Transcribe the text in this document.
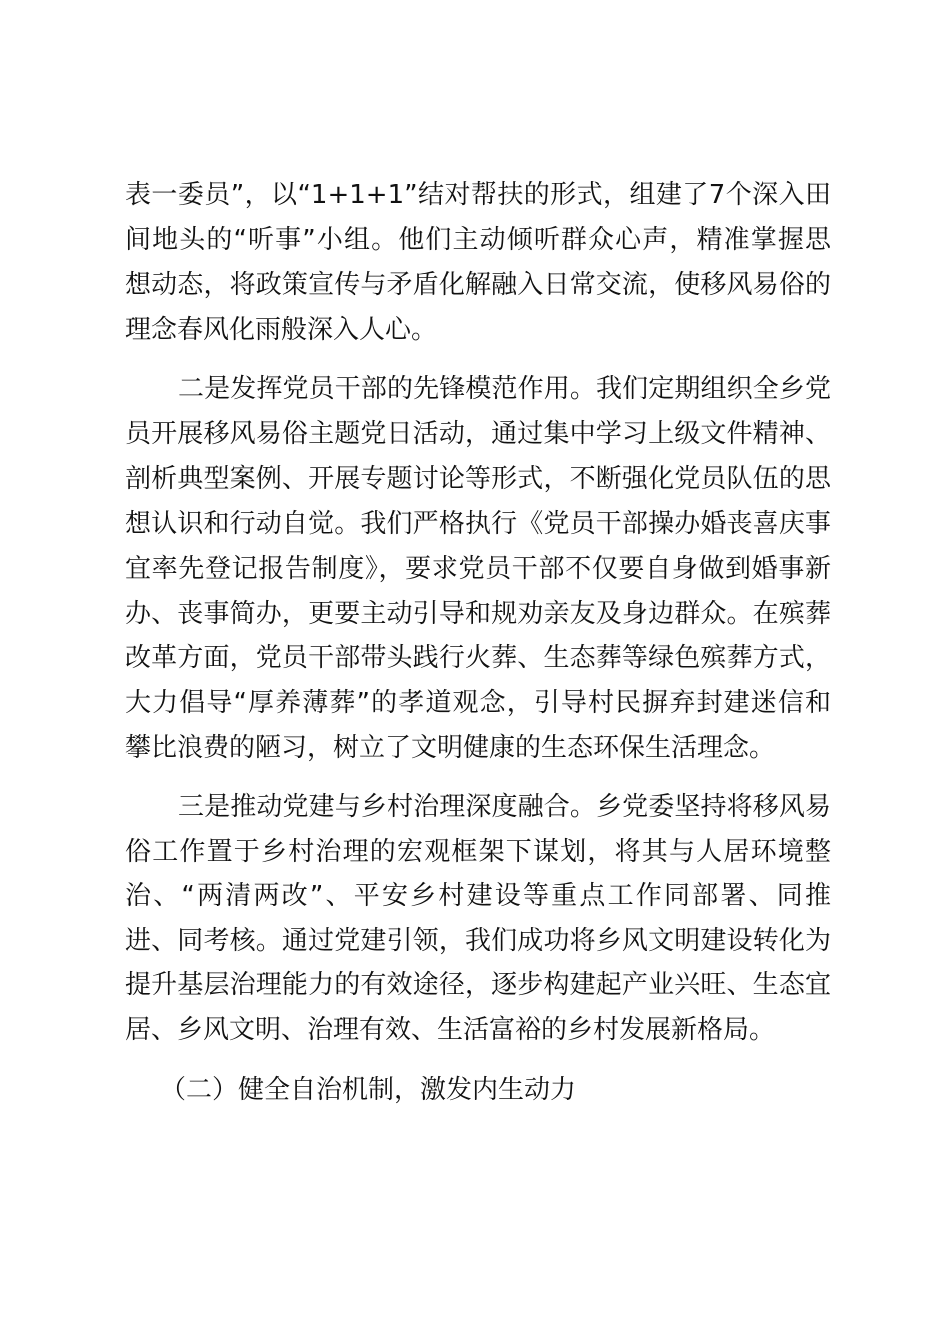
表一委员”，以“1+1+1”结对帮扶的形式，组建了7个深入田
间地头的“听事”小组。他们主动倾听群众心声，精准掌握思
想动态，将政策宣传与矛盾化解融入日常交流，使移风易俗的
理念春风化雨般深入人心。
二是发挥党员干部的先锋模范作用。我们定期组织全乡党
员开展移风易俗主题党日活动，通过集中学习上级文件精神、
剖析典型案例、开展专题讨论等形式，不断强化党员队伍的思
想认识和行动自觉。我们严格执行《党员干部操办婚丧喜庆事
宜率先登记报告制度》，要求党员干部不仅要自身做到婚事新
办、丧事简办，更要主动引导和规劝亲友及身边群众。在殡葬
改革方面，党员干部带头践行火葬、生态葬等绿色殡葬方式，
大力倡导“厚养薄葬”的孝道观念，引导村民摒弃封建迷信和
攀比浪费的陋习，树立了文明健康的生态环保生活理念。
三是推动党建与乡村治理深度融合。乡党委坚持将移风易
俗工作置于乡村治理的宏观框架下谋划，将其与人居环境整
治、“两清两改”、平安乡村建设等重点工作同部署、同推
进、同考核。通过党建引领，我们成功将乡风文明建设转化为
提升基层治理能力的有效途径，逐步构建起产业兴旺、生态宜
居、乡风文明、治理有效、生活富裕的乡村发展新格局。
（二）健全自治机制，激发内生动力
